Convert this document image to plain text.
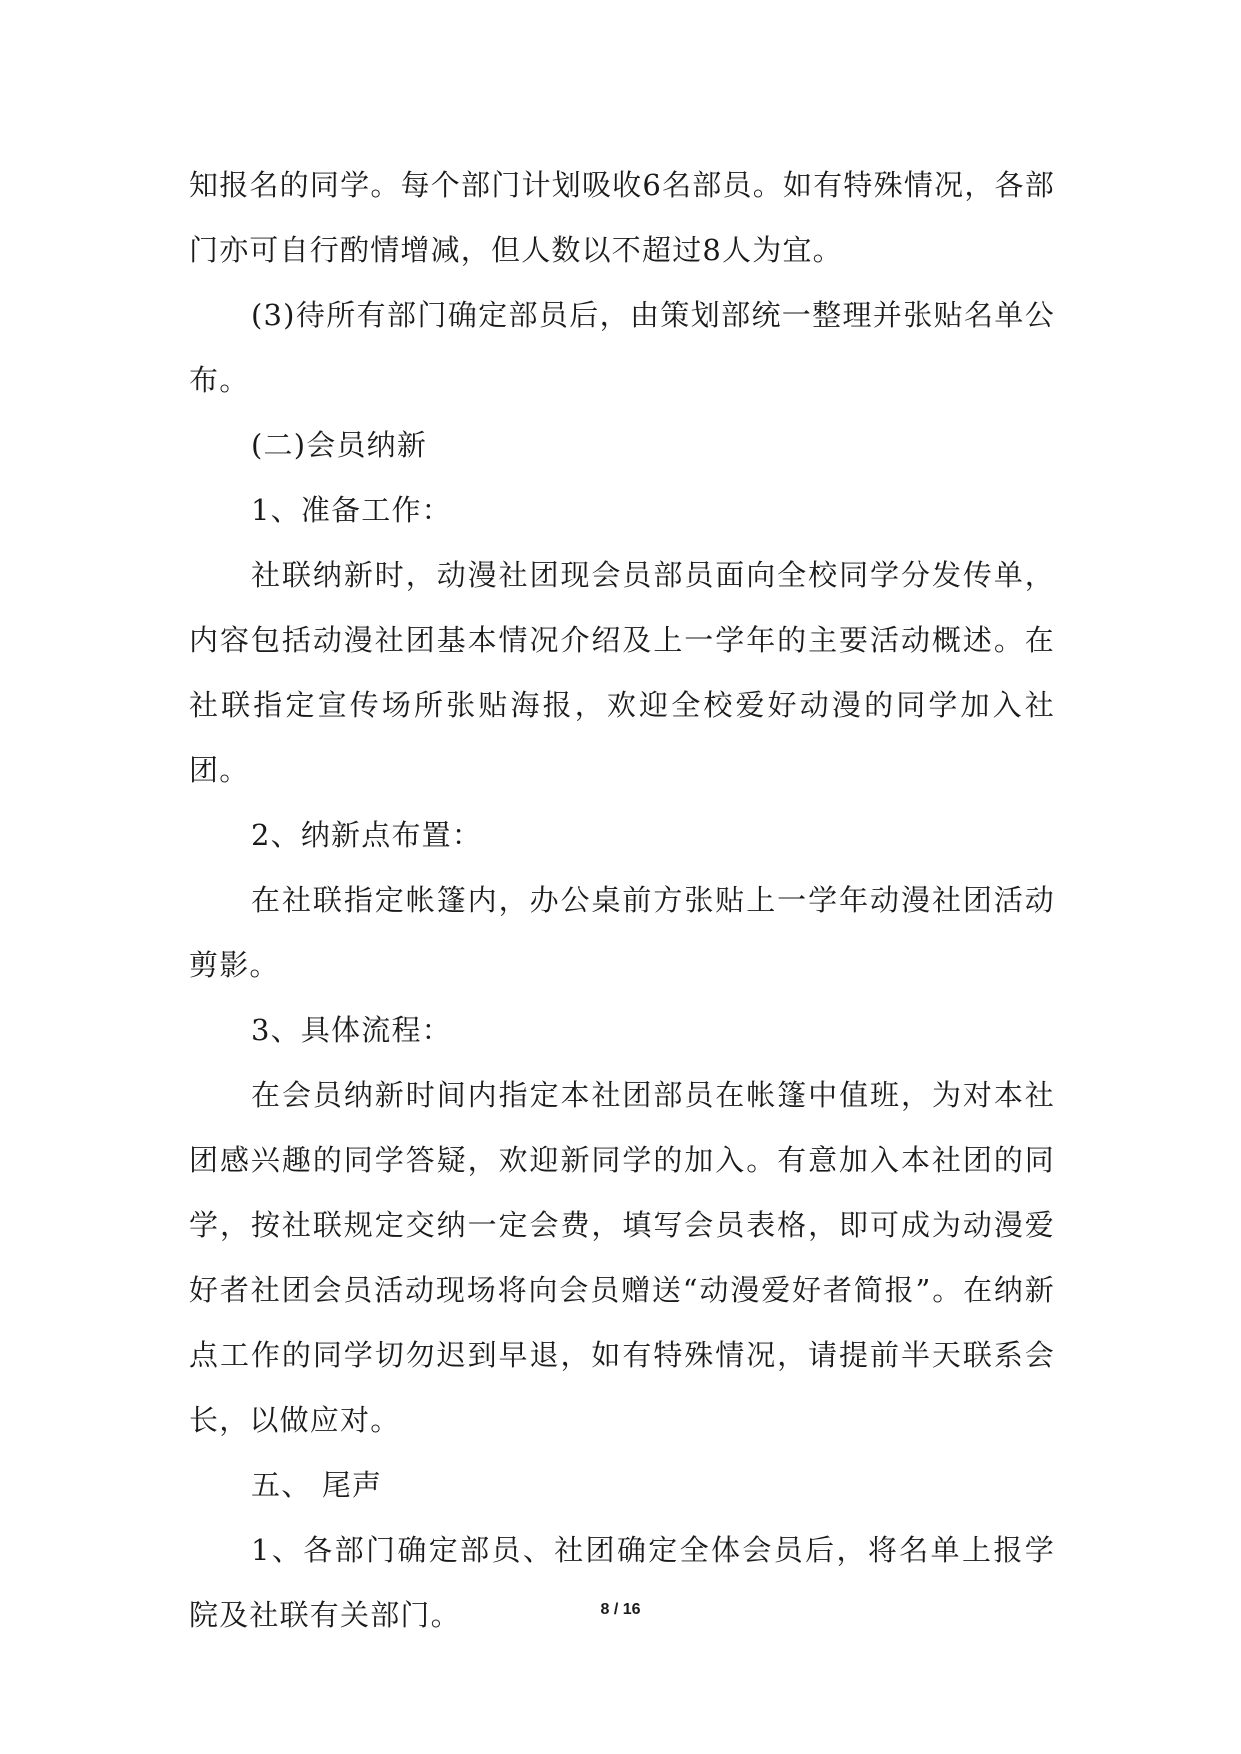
知报名的同学。每个部门计划吸收6名部员。如有特殊情况，各部门亦可自行酌情增减，但人数以不超过8人为宜。

(3)待所有部门确定部员后，由策划部统一整理并张贴名单公布。

(二)会员纳新

1、准备工作：

社联纳新时，动漫社团现会员部员面向全校同学分发传单，内容包括动漫社团基本情况介绍及上一学年的主要活动概述。在社联指定宣传场所张贴海报，欢迎全校爱好动漫的同学加入社团。

2、纳新点布置：

在社联指定帐篷内，办公桌前方张贴上一学年动漫社团活动剪影。

3、具体流程：

在会员纳新时间内指定本社团部员在帐篷中值班，为对本社团感兴趣的同学答疑，欢迎新同学的加入。有意加入本社团的同学，按社联规定交纳一定会费，填写会员表格，即可成为动漫爱好者社团会员活动现场将向会员赠送“动漫爱好者简报”。在纳新点工作的同学切勿迟到早退，如有特殊情况，请提前半天联系会长，以做应对。

五、 尾声

1、各部门确定部员、社团确定全体会员后，将名单上报学院及社联有关部门。	8 / 16
